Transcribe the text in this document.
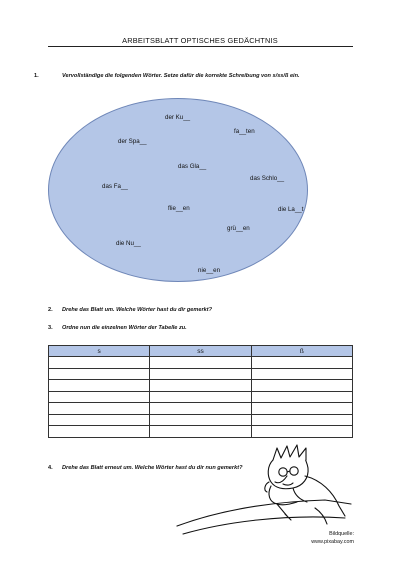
ARBEITSBLATT OPTISCHES GEDÄCHTNIS
1.	Vervollständige die folgenden Wörter. Setze dafür die korrekte Schreibung von s/ss/ß ein.
der Ku__
fa__ten
der Spa__
das Gla__
das Schlo__
das Fa__
flie__en	die La__t
grü__en
die Nu__
nie__en
2. Drehe das Blatt um. Welche Wörter hast du dir gemerkt?
3. Ordne nun die einzelnen Wörter der Tabelle zu.
s	ss	ß

4. Drehe das Blatt erneut um. Welche Wörter hast du dir nun gemerkt?
Bildquelle:
www.pixabay.com
